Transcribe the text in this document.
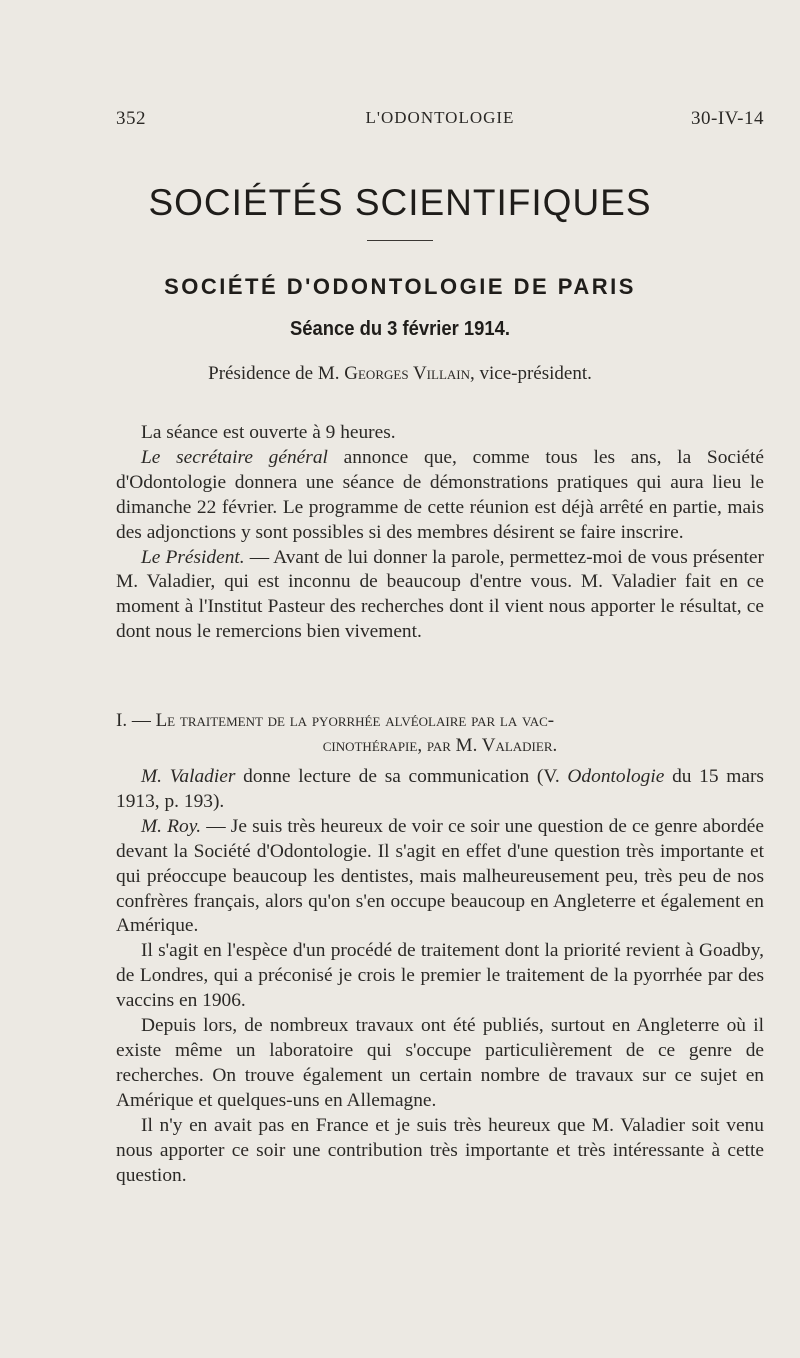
352	L'ODONTOLOGIE	30-IV-14
SOCIÉTÉS SCIENTIFIQUES
SOCIÉTÉ D'ODONTOLOGIE DE PARIS
Séance du 3 février 1914.
Présidence de M. Georges Villain, vice-président.

La séance est ouverte à 9 heures.

Le secrétaire général annonce que, comme tous les ans, la Société d'Odontologie donnera une séance de démonstrations pratiques qui aura lieu le dimanche 22 février. Le programme de cette réunion est déjà arrêté en partie, mais des adjonctions y sont possibles si des membres désirent se faire inscrire.

Le Président. — Avant de lui donner la parole, permettez-moi de vous présenter M. Valadier, qui est inconnu de beaucoup d'entre vous. M. Valadier fait en ce moment à l'Institut Pasteur des recherches dont il vient nous apporter le résultat, ce dont nous le remercions bien vivement.

I. — Le traitement de la pyorrhée alvéolaire par la vac-
cinothérapie, par M. Valadier.

M. Valadier donne lecture de sa communication (V. Odontologie du 15 mars 1913, p. 193).

M. Roy. — Je suis très heureux de voir ce soir une question de ce genre abordée devant la Société d'Odontologie. Il s'agit en effet d'une question très importante et qui préoccupe beaucoup les dentistes, mais malheureusement peu, très peu de nos confrères français, alors qu'on s'en occupe beaucoup en Angleterre et également en Amérique.

Il s'agit en l'espèce d'un procédé de traitement dont la priorité revient à Goadby, de Londres, qui a préconisé je crois le premier le traitement de la pyorrhée par des vaccins en 1906.

Depuis lors, de nombreux travaux ont été publiés, surtout en Angleterre où il existe même un laboratoire qui s'occupe particulièrement de ce genre de recherches. On trouve également un certain nombre de travaux sur ce sujet en Amérique et quelques-uns en Allemagne.

Il n'y en avait pas en France et je suis très heureux que M. Valadier soit venu nous apporter ce soir une contribution très importante et très intéressante à cette question.
